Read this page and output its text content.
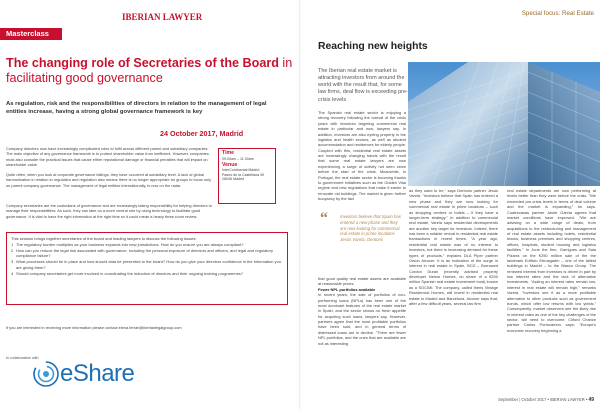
IBERIAN LAWYER
Masterclass
The changing role of Secretaries of the Board in facilitating good governance
As regulation, risk and the responsibilities of directors in relation to the management of legal entities increase, having a strong global governance framework is key
24 October 2017, Madrid

Company directors now have increasingly complicated roles to fulfil across different parent and subsidiary companies. The main objective of any governance framework is to protect shareholder value from inefficient. However, companies must also consider the practical issues that cause either reputational damage or financial penalties that will impact on shareholder value.

Quite often, when you look at corporate governance failings, they have occurred at subsidiary level. A lack of global harmonisation in relation to regulation and regulation also means there is no longer appropriate for groups to focus only on parent company governance. The management of legal entities internationally, is now on the radar.

Company secretaries are the custodians of governance and are increasingly taking responsibility for helping directors to manage their responsibilities. As such, they can take on a more central role by using technology to facilitate good governance. It is vital to have the right information at the right time so it could mean a heavy three-room review.

Time
09.00am – 11.00am
Venue
InterContinental Madrid
Paseo de la Castellana 49
28046 Madrid
This session brings together secretaries of the board and leading lawyers to discuss the following issues:
1 The regulatory burden multiplies as your business expands into new jurisdictions. How do you ensure you are always compliant?
2 How can you reduce the legal risk associated with governance, including the personal exposure of directors and officers, and legal and regulatory compliance failure?
3 What processes should be in place and how should data be presented to the board? How do you give your directors confidence in the information you are giving them?
4 Should company secretaries get more involved in coordinating the induction of directors and their ongoing training programmes?

If you are interested in receiving more information please contact elena.ferrari@iberianlegalgroup.com

In collaboration with
eShare
Special focus: Real Estate
Reaching new heights
The Iberian real estate market is attracting investors from around the world with the result that, for some law firms, deal flow is exceeding pre-crisis levels

The Spanish real estate sector is enjoying a strong recovery following the turmoil of the crisis years with investors targeting commercial real estate in particular and now, lawyers say. In addition, investors are also eyeing property in the logistics and health sectors, as well as student accommodation and residences for elderly people. Coupled with this, residential real estate assets are increasingly changing hands with the result that some real estate lawyers are now experiencing a surge of activity not seen since before the start of the crisis. Meanwhile, in Portugal, the real estate sector is booming thanks to government initiatives such as the Golden Visa regime and new regulations that make it easier to renovate old buildings. The market is given further buoyancy by the fact

“	Investors believe that Spain has entered a new phase and they are now looking for commercial real estate in prime locations
Jesús Varela, Dentons

that good quality real estate assets are available at reasonable prices.

Fewer NPL portfolios available

In recent years, the sale of portfolios of non-performing loans (NPLs) has been one of the most dominant features of the real estate market in Spain, and the sector shows no fresh appetite for acquiring such loans, lawyers say. However, partners agree that the most profitable portfolios have been sold, and in general terms of distressed loans are in decline. "There are fewer NPL portfolios, and the ones that are available are not as interesting

as they used to be," says Dentons partner Jesús Varela. "Investors believe that Spain has entered a new phase and they are now looking for commercial real estate in prime locations – such as shopping centres or hotels – if they have a longer-term strategy." In addition to commercial real estate, Varela says residential developments are another key target for investors. Indeed, there has been a notable revival in residential real estate transactions in recent times. "A year ago, residential real estate was of no interest to investors, but there is increasing demand for these types of products," explains DLA Piper partner Orson Alcocer. It is an indication of the surge in interest in real estate in Spain, BCD – Borrowed Cordon Duran (recently advised property developer Neinor Homes, on share of a €200 million Spanish real estate investment trust) known as a SOCIMI. The company, called Iberis Vintage Residencial Homes, will invest in residential real estate in Madrid and Barcelona. Alcocer says that, after a few difficult years, several law firm

real estate departments are now performing at levels better than they were before the crisis. "We exceeded pre-crisis levels in terms of deal volume and the market is expanding," he says. Cuatrecasas partner Javier Garcia agrees that market conditions have improved. "We are advising on a wide range of deals, from acquisitions to the restructuring and management of real estate assets including hotels, residential blocks, business premises and shopping centres, offices, hospitals, student housing and logistics facilities." In June the firm, Garrigues and Sala Pizarra on the €250 million sale of the the landmark Edificio Ebrosgadín – one of the tallest buildings in Madrid – to the Blasco Group. The renewed interest from investors is driven in part by low interest rates and the lack of alternative investments. "Asking an interest rates remain low, interest in real estate will remain high," remarks Varela. "Investors see it as a more profitable alternative to other products such as government bonds, which offer low returns with low yields." Consequently, market observers see the likely rise in interest rates as one of the key challenges of the sector, will need to overcome. Cliford Chance partner Carlos Portocarrero says: "Europe's economic recovery beginning a

September | October 2017 • IBERIAN LAWYER • 49
